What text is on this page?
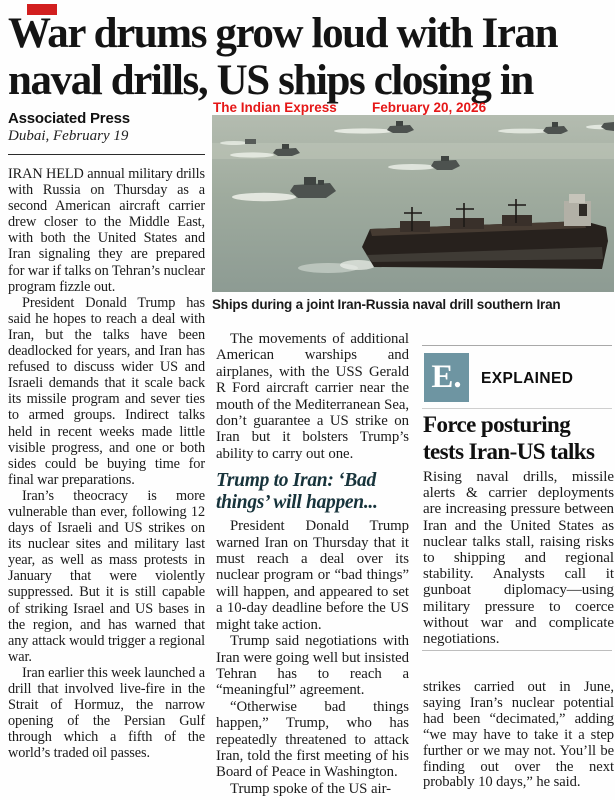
War drums grow loud with Iran
naval drills, US ships closing in
The Indian Express	February 20, 2026
Associated Press
Dubai, February 19

IRAN HELD annual military drills with Russia on Thursday as a second American aircraft carrier drew closer to the Middle East, with both the United States and Iran signaling they are prepared for war if talks on Tehran’s nuclear program fizzle out.

President Donald Trump has said he hopes to reach a deal with Iran, but the talks have been deadlocked for years, and Iran has refused to discuss wider US and Israeli demands that it scale back its missile program and sever ties to armed groups. Indirect talks held in recent weeks made little visible progress, and one or both sides could be buying time for final war preparations.

Iran’s theocracy is more vulnerable than ever, following 12 days of Israeli and US strikes on its nuclear sites and military last year, as well as mass protests in January that were violently suppressed. But it is still capable of striking Israel and US bases in the region, and has warned that any attack would trigger a regional war.

Iran earlier this week launched a drill that involved live-fire in the Strait of Hormuz, the narrow opening of the Persian Gulf through which a fifth of the world’s traded oil passes.

Ships during a joint Iran-Russia naval drill southern Iran

The movements of additional American warships and airplanes, with the USS Gerald R Ford aircraft carrier near the mouth of the Mediterranean Sea, don’t guarantee a US strike on Iran but it bolsters Trump’s ability to carry out one.

Trump to Iran: ‘Bad things’ will happen...

President Donald Trump warned Iran on Thursday that it must reach a deal over its nuclear program or “bad things” will happen, and appeared to set a 10-day deadline before the US might take action.

Trump said negotiations with Iran were going well but insisted Tehran has to reach a “meaningful” agreement.

“Otherwise bad things happen,” Trump, who has repeatedly threatened to attack Iran, told the first meeting of his Board of Peace in Washington.

Trump spoke of the US air-

E.	EXPLAINED
Force posturing tests Iran-US talks

Rising naval drills, missile alerts & carrier deployments are increasing pressure between Iran and the United States as nuclear talks stall, raising risks to shipping and regional stability. Analysts call it gunboat diplomacy—using military pressure to coerce without war and complicate negotiations.

strikes carried out in June, saying Iran’s nuclear potential had been “decimated,” adding “we may have to take it a step further or we may not. You’ll be finding out over the next probably 10 days,” he said.
